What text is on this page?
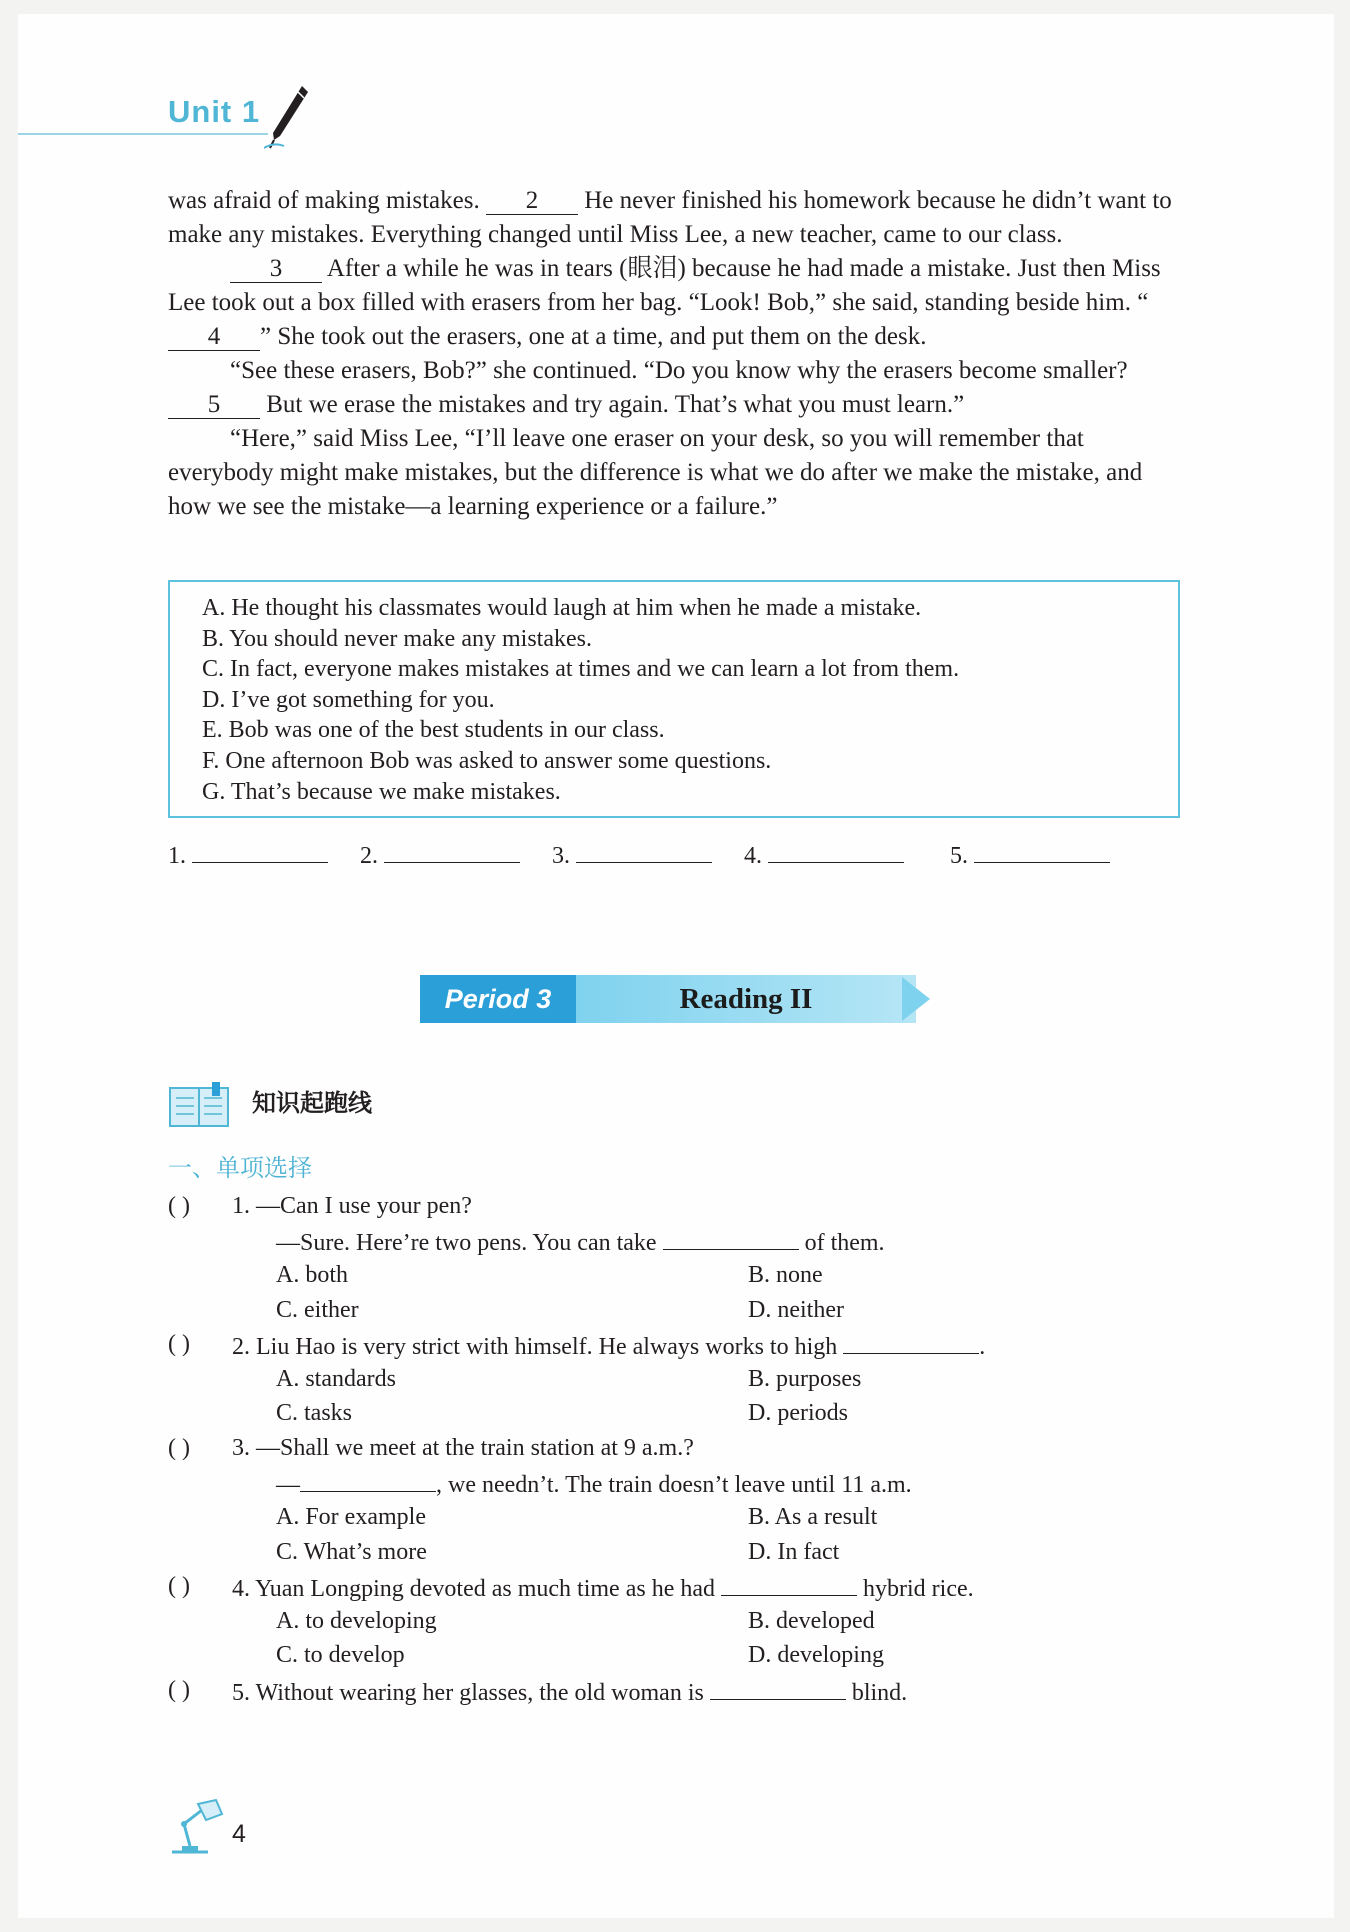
Unit 1

was afraid of making mistakes. 2 He never finished his homework because he didn’t want to make any mistakes. Everything changed until Miss Lee, a new teacher, came to our class.

3 After a while he was in tears (眼泪) because he had made a mistake. Just then Miss Lee took out a box filled with erasers from her bag. “Look! Bob,” she said, standing beside him. “4 ” She took out the erasers, one at a time, and put them on the desk.

“See these erasers, Bob?” she continued. “Do you know why the erasers become smaller? 5 But we erase the mistakes and try again. That’s what you must learn.”

“Here,” said Miss Lee, “I’ll leave one eraser on your desk, so you will remember that everybody might make mistakes, but the difference is what we do after we make the mistake, and how we see the mistake—a learning experience or a failure.”

A. He thought his classmates would laugh at him when he made a mistake.
B. You should never make any mistakes.
C. In fact, everyone makes mistakes at times and we can learn a lot from them.
D. I’ve got something for you.
E. Bob was one of the best students in our class.
F. One afternoon Bob was asked to answer some questions.
G. That’s because we make mistakes.
1.	2.	3.	4.	5.
Period 3	Reading II
知识起跑线
一、单项选择
( ) 1. —Can I use your pen?
—Sure. Here’re two pens. You can take	of them.
A. both	B. none
C. either	D. neither
( ) 2. Liu Hao is very strict with himself. He always works to high	.
A. standards	B. purposes
C. tasks	D. periods
( ) 3. —Shall we meet at the train station at 9 a.m.?
—	, we needn’t. The train doesn’t leave until 11 a.m.
A. For example	B. As a result
C. What’s more	D. In fact
( ) 4. Yuan Longping devoted as much time as he had	hybrid rice.
A. to developing	B. developed
C. to develop	D. developing
( ) 5. Without wearing her glasses, the old woman is	blind.
4
